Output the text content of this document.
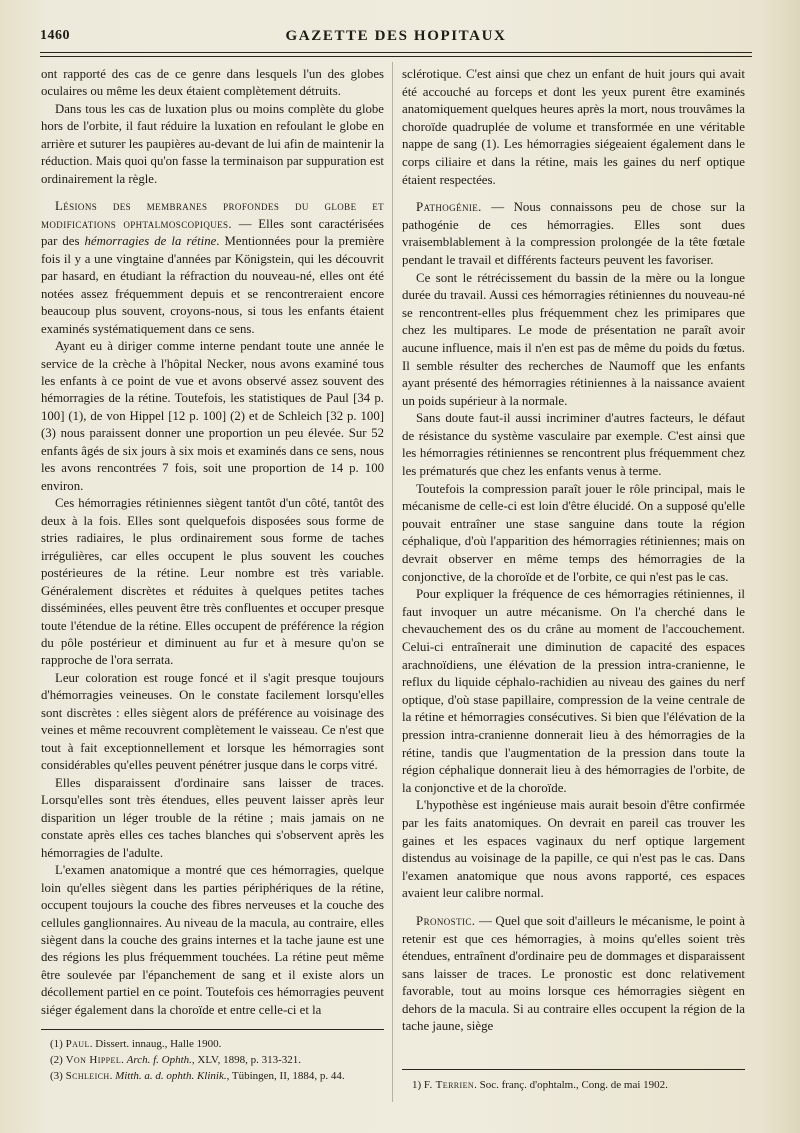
1460	GAZETTE DES HOPITAUX

ont rapporté des cas de ce genre dans lesquels l'un des globes oculaires ou même les deux étaient complètement détruits.

Dans tous les cas de luxation plus ou moins complète du globe hors de l'orbite, il faut réduire la luxation en refoulant le globe en arrière et suturer les paupières au-devant de lui afin de maintenir la réduction. Mais quoi qu'on fasse la terminaison par suppuration est ordinairement la règle.

Lésions des membranes profondes du globe et modifications ophtalmoscopiques. — Elles sont caractérisées par des hémorragies de la rétine. Mentionnées pour la première fois il y a une vingtaine d'années par Königstein, qui les découvrit par hasard, en étudiant la réfraction du nouveau-né, elles ont été notées assez fréquemment depuis et se rencontreraient encore beaucoup plus souvent, croyons-nous, si tous les enfants étaient examinés systématiquement dans ce sens.

Ayant eu à diriger comme interne pendant toute une année le service de la crèche à l'hôpital Necker, nous avons examiné tous les enfants à ce point de vue et avons observé assez souvent des hémorragies de la rétine. Toutefois, les statistiques de Paul [34 p. 100] (1), de von Hippel [12 p. 100] (2) et de Schleich [32 p. 100] (3) nous paraissent donner une proportion un peu élevée. Sur 52 enfants âgés de six jours à six mois et examinés dans ce sens, nous les avons rencontrées 7 fois, soit une proportion de 14 p. 100 environ.

Ces hémorragies rétiniennes siègent tantôt d'un côté, tantôt des deux à la fois. Elles sont quelquefois disposées sous forme de stries radiaires, le plus ordinairement sous forme de taches irrégulières, car elles occupent le plus souvent les couches postérieures de la rétine. Leur nombre est très variable. Généralement discrètes et réduites à quelques petites taches disséminées, elles peuvent être très confluentes et occuper presque toute l'étendue de la rétine. Elles occupent de préférence la région du pôle postérieur et diminuent au fur et à mesure qu'on se rapproche de l'ora serrata.

Leur coloration est rouge foncé et il s'agit presque toujours d'hémorragies veineuses. On le constate facilement lorsqu'elles sont discrètes : elles siègent alors de préférence au voisinage des veines et même recouvrent complètement le vaisseau. Ce n'est que tout à fait exceptionnellement et lorsque les hémorragies sont considérables qu'elles peuvent pénétrer jusque dans le corps vitré.

Elles disparaissent d'ordinaire sans laisser de traces. Lorsqu'elles sont très étendues, elles peuvent laisser après leur disparition un léger trouble de la rétine ; mais jamais on ne constate après elles ces taches blanches qui s'observent après les hémorragies de l'adulte.

L'examen anatomique a montré que ces hémorragies, quelque loin qu'elles siègent dans les parties périphériques de la rétine, occupent toujours la couche des fibres nerveuses et la couche des cellules ganglionnaires. Au niveau de la macula, au contraire, elles siègent dans la couche des grains internes et la tache jaune est une des régions les plus fréquemment touchées. La rétine peut même être soulevée par l'épanchement de sang et il existe alors un décollement partiel en ce point. Toutefois ces hémorragies peuvent siéger également dans la choroïde et entre celle-ci et la

sclérotique. C'est ainsi que chez un enfant de huit jours qui avait été accouché au forceps et dont les yeux purent être examinés anatomiquement quelques heures après la mort, nous trouvâmes la choroïde quadruplée de volume et transformée en une véritable nappe de sang (1). Les hémorragies siégeaient également dans le corps ciliaire et dans la rétine, mais les gaines du nerf optique étaient respectées.

Pathogénie. — Nous connaissons peu de chose sur la pathogénie de ces hémorragies. Elles sont dues vraisemblablement à la compression prolongée de la tête fœtale pendant le travail et différents facteurs peuvent les favoriser.

Ce sont le rétrécissement du bassin de la mère ou la longue durée du travail. Aussi ces hémorragies rétiniennes du nouveau-né se rencontrent-elles plus fréquemment chez les primipares que chez les multipares. Le mode de présentation ne paraît avoir aucune influence, mais il n'en est pas de même du poids du fœtus. Il semble résulter des recherches de Naumoff que les enfants ayant présenté des hémorragies rétiniennes à la naissance avaient un poids supérieur à la normale.

Sans doute faut-il aussi incriminer d'autres facteurs, le défaut de résistance du système vasculaire par exemple. C'est ainsi que les hémorragies rétiniennes se rencontrent plus fréquemment chez les prématurés que chez les enfants venus à terme.

Toutefois la compression paraît jouer le rôle principal, mais le mécanisme de celle-ci est loin d'être élucidé. On a supposé qu'elle pouvait entraîner une stase sanguine dans toute la région céphalique, d'où l'apparition des hémorragies rétiniennes; mais on devrait observer en même temps des hémorragies de la conjonctive, de la choroïde et de l'orbite, ce qui n'est pas le cas.

Pour expliquer la fréquence de ces hémorragies rétiniennes, il faut invoquer un autre mécanisme. On l'a cherché dans le chevauchement des os du crâne au moment de l'accouchement. Celui-ci entraînerait une diminution de capacité des espaces arachnoïdiens, une élévation de la pression intra-cranienne, le reflux du liquide céphalo-rachidien au niveau des gaines du nerf optique, d'où stase papillaire, compression de la veine centrale de la rétine et hémorragies consécutives. Si bien que l'élévation de la pression intra-cranienne donnerait lieu à des hémorragies de la rétine, tandis que l'augmentation de la pression dans toute la région céphalique donnerait lieu à des hémorragies de l'orbite, de la conjonctive et de la choroïde.

L'hypothèse est ingénieuse mais aurait besoin d'être confirmée par les faits anatomiques. On devrait en pareil cas trouver les gaines et les espaces vaginaux du nerf optique largement distendus au voisinage de la papille, ce qui n'est pas le cas. Dans l'examen anatomique que nous avons rapporté, ces espaces avaient leur calibre normal.

Pronostic. — Quel que soit d'ailleurs le mécanisme, le point à retenir est que ces hémorragies, à moins qu'elles soient très étendues, entraînent d'ordinaire peu de dommages et disparaissent sans laisser de traces. Le pronostic est donc relativement favorable, tout au moins lorsque ces hémorragies siègent en dehors de la macula. Si au contraire elles occupent la région de la tache jaune, siège

(1) Paul. Dissert. innaug., Halle 1900.
(2) Von Hippel. Arch. f. Ophth., XLV, 1898, p. 313-321.
(3) Schleich. Mitth. a. d. ophth. Klinik., Tübingen, II, 1884, p. 44.
1) F. Terrien. Soc. franç. d'ophtalm., Cong. de mai 1902.
